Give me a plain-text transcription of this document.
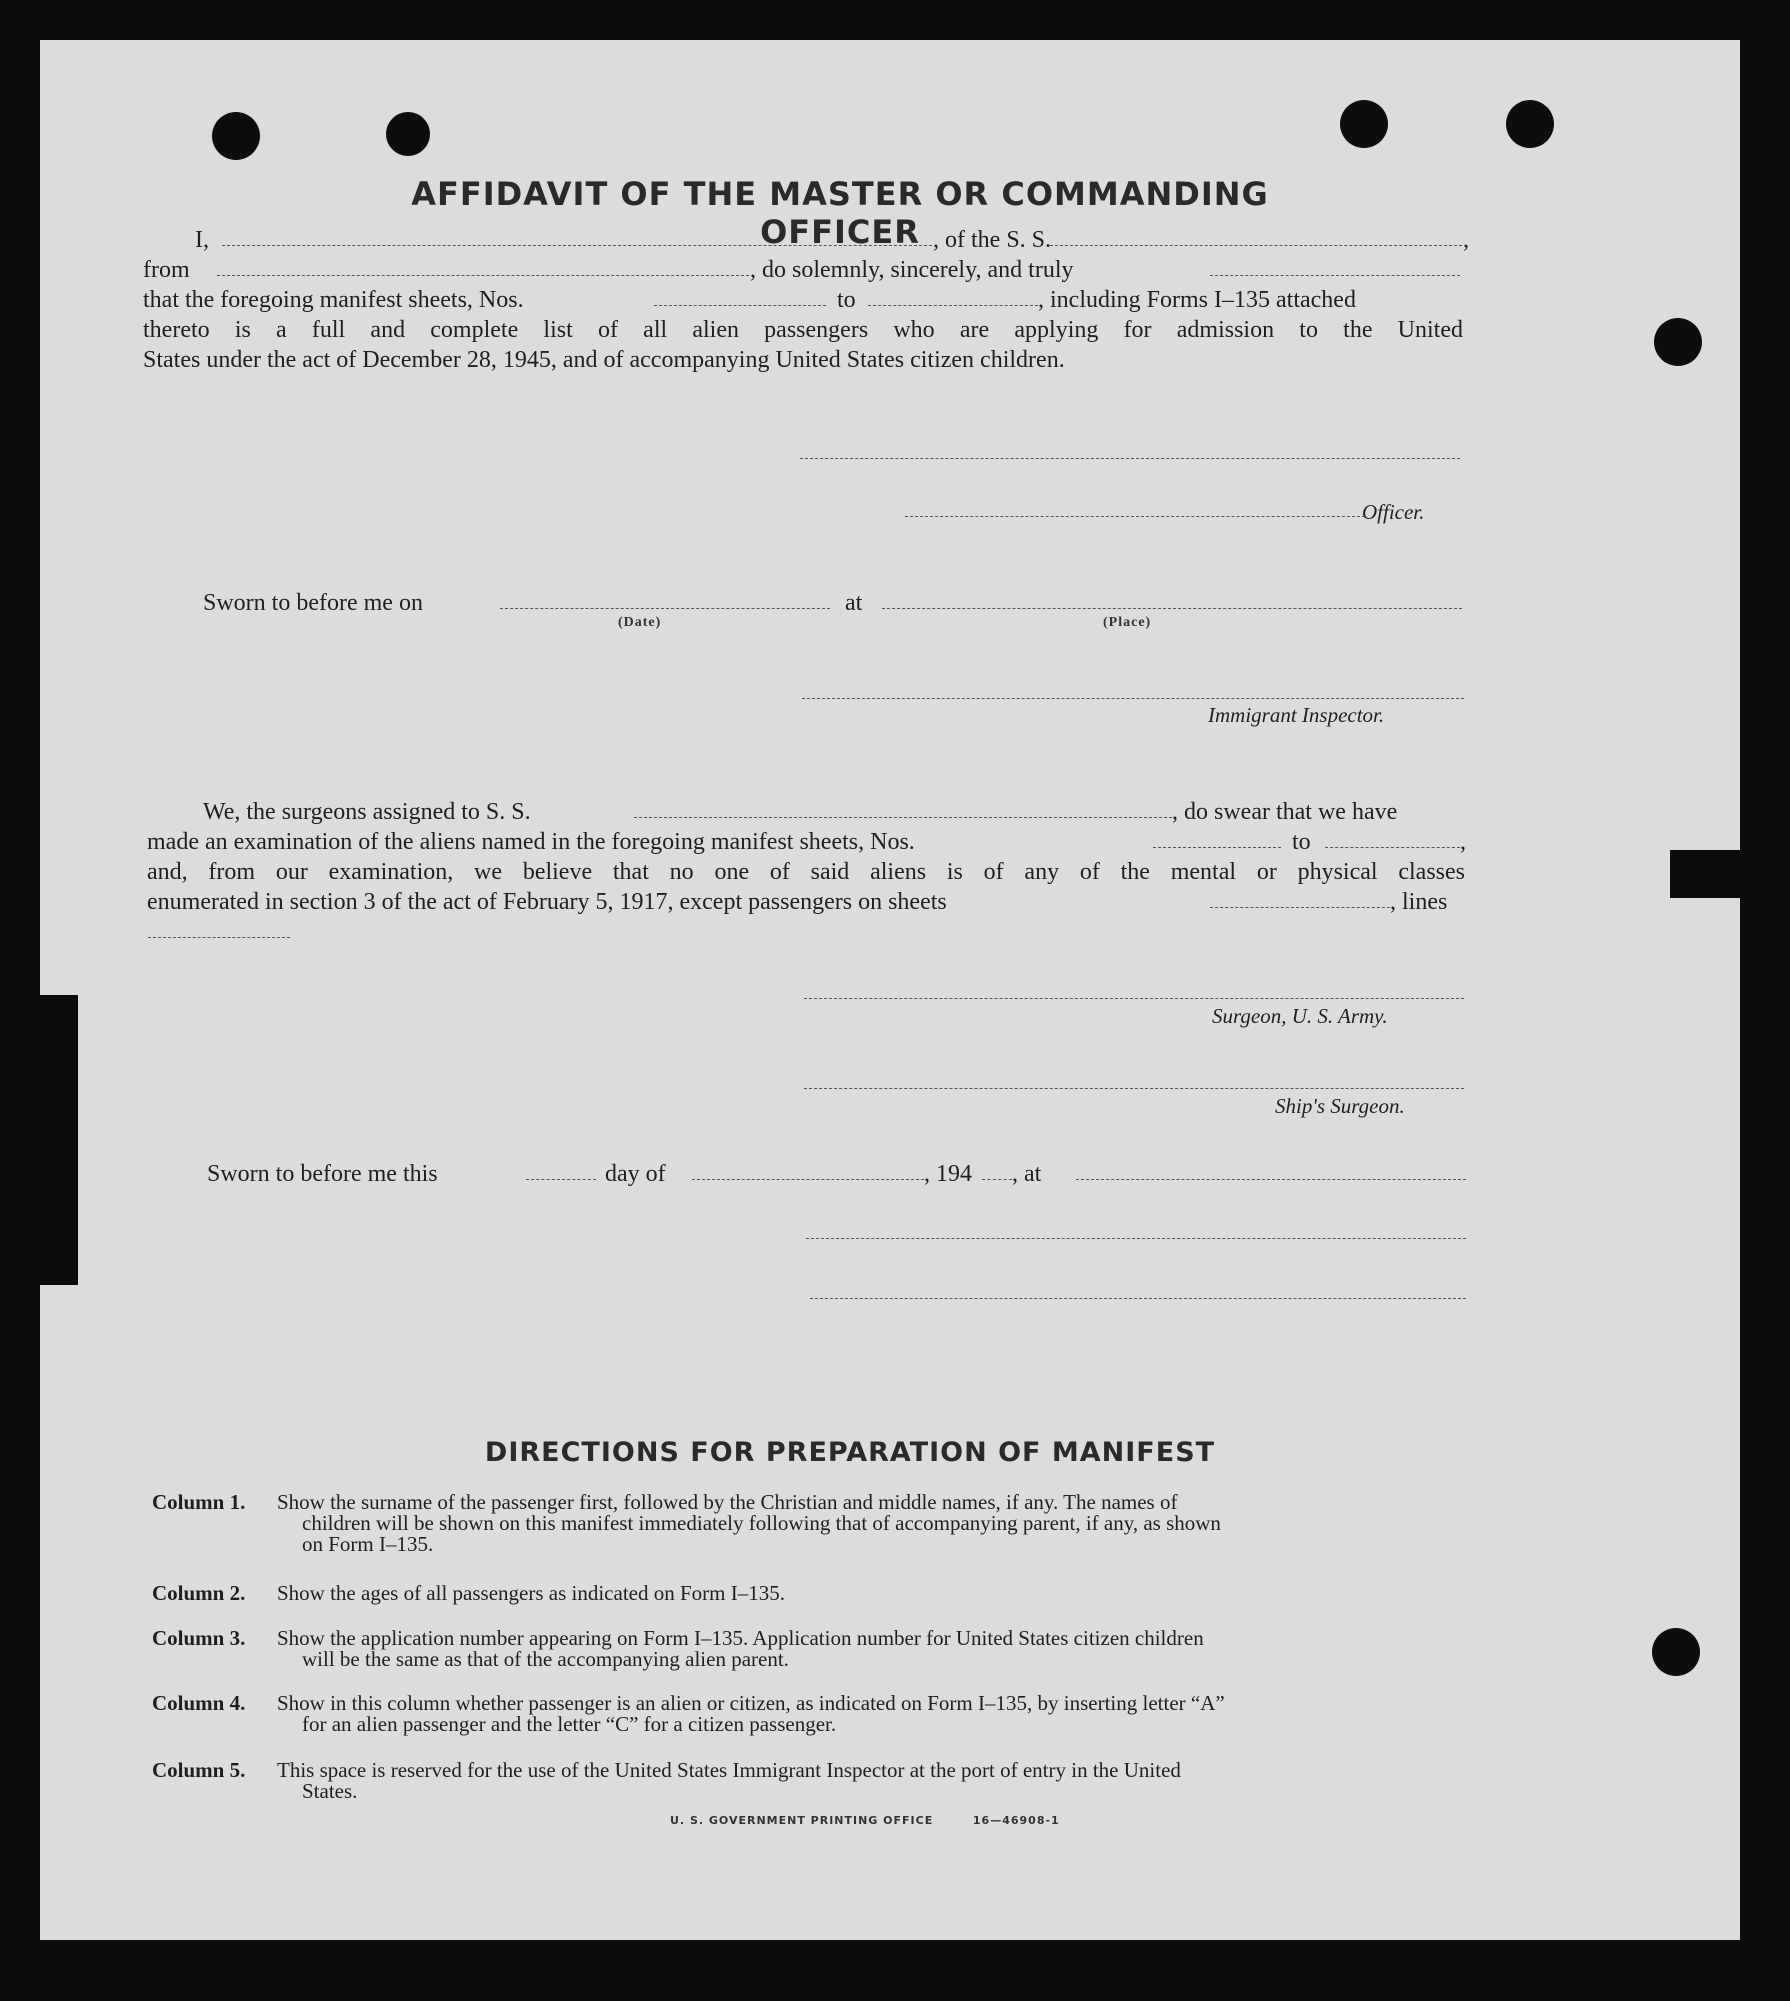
AFFIDAVIT OF THE MASTER OR COMMANDING OFFICER
I,	, of the S. S.	,
from	, do solemnly, sincerely, and truly
that the foregoing manifest sheets, Nos.	to	, including Forms I–135 attached
thereto is a full and complete list of all alien passengers who are applying for admission to the United
States under the act of December 28, 1945, and of accompanying United States citizen children.
Officer.
Sworn to before me on
(Date)
at
(Place)
Immigrant Inspector.
We, the surgeons assigned to S. S.	, do swear that we have
made an examination of the aliens named in the foregoing manifest sheets, Nos.	to	,
and, from our examination, we believe that no one of said aliens is of any of the mental or physical classes
enumerated in section 3 of the act of February 5, 1917, except passengers on sheets	, lines
Surgeon, U. S. Army.
Ship's Surgeon.
Sworn to before me this	day of	, 194 , at
DIRECTIONS FOR PREPARATION OF MANIFEST
Column 1. Show the surname of the passenger first, followed by the Christian and middle names, if any. The names of
children will be shown on this manifest immediately following that of accompanying parent, if any, as shown
on Form I–135.
Column 2. Show the ages of all passengers as indicated on Form I–135.
Column 3. Show the application number appearing on Form I–135. Application number for United States citizen children
will be the same as that of the accompanying alien parent.
Column 4. Show in this column whether passenger is an alien or citizen, as indicated on Form I–135, by inserting letter “A”
for an alien passenger and the letter “C” for a citizen passenger.
Column 5. This space is reserved for the use of the United States Immigrant Inspector at the port of entry in the United
States.
U. S. GOVERNMENT PRINTING OFFICE	16—46908-1
